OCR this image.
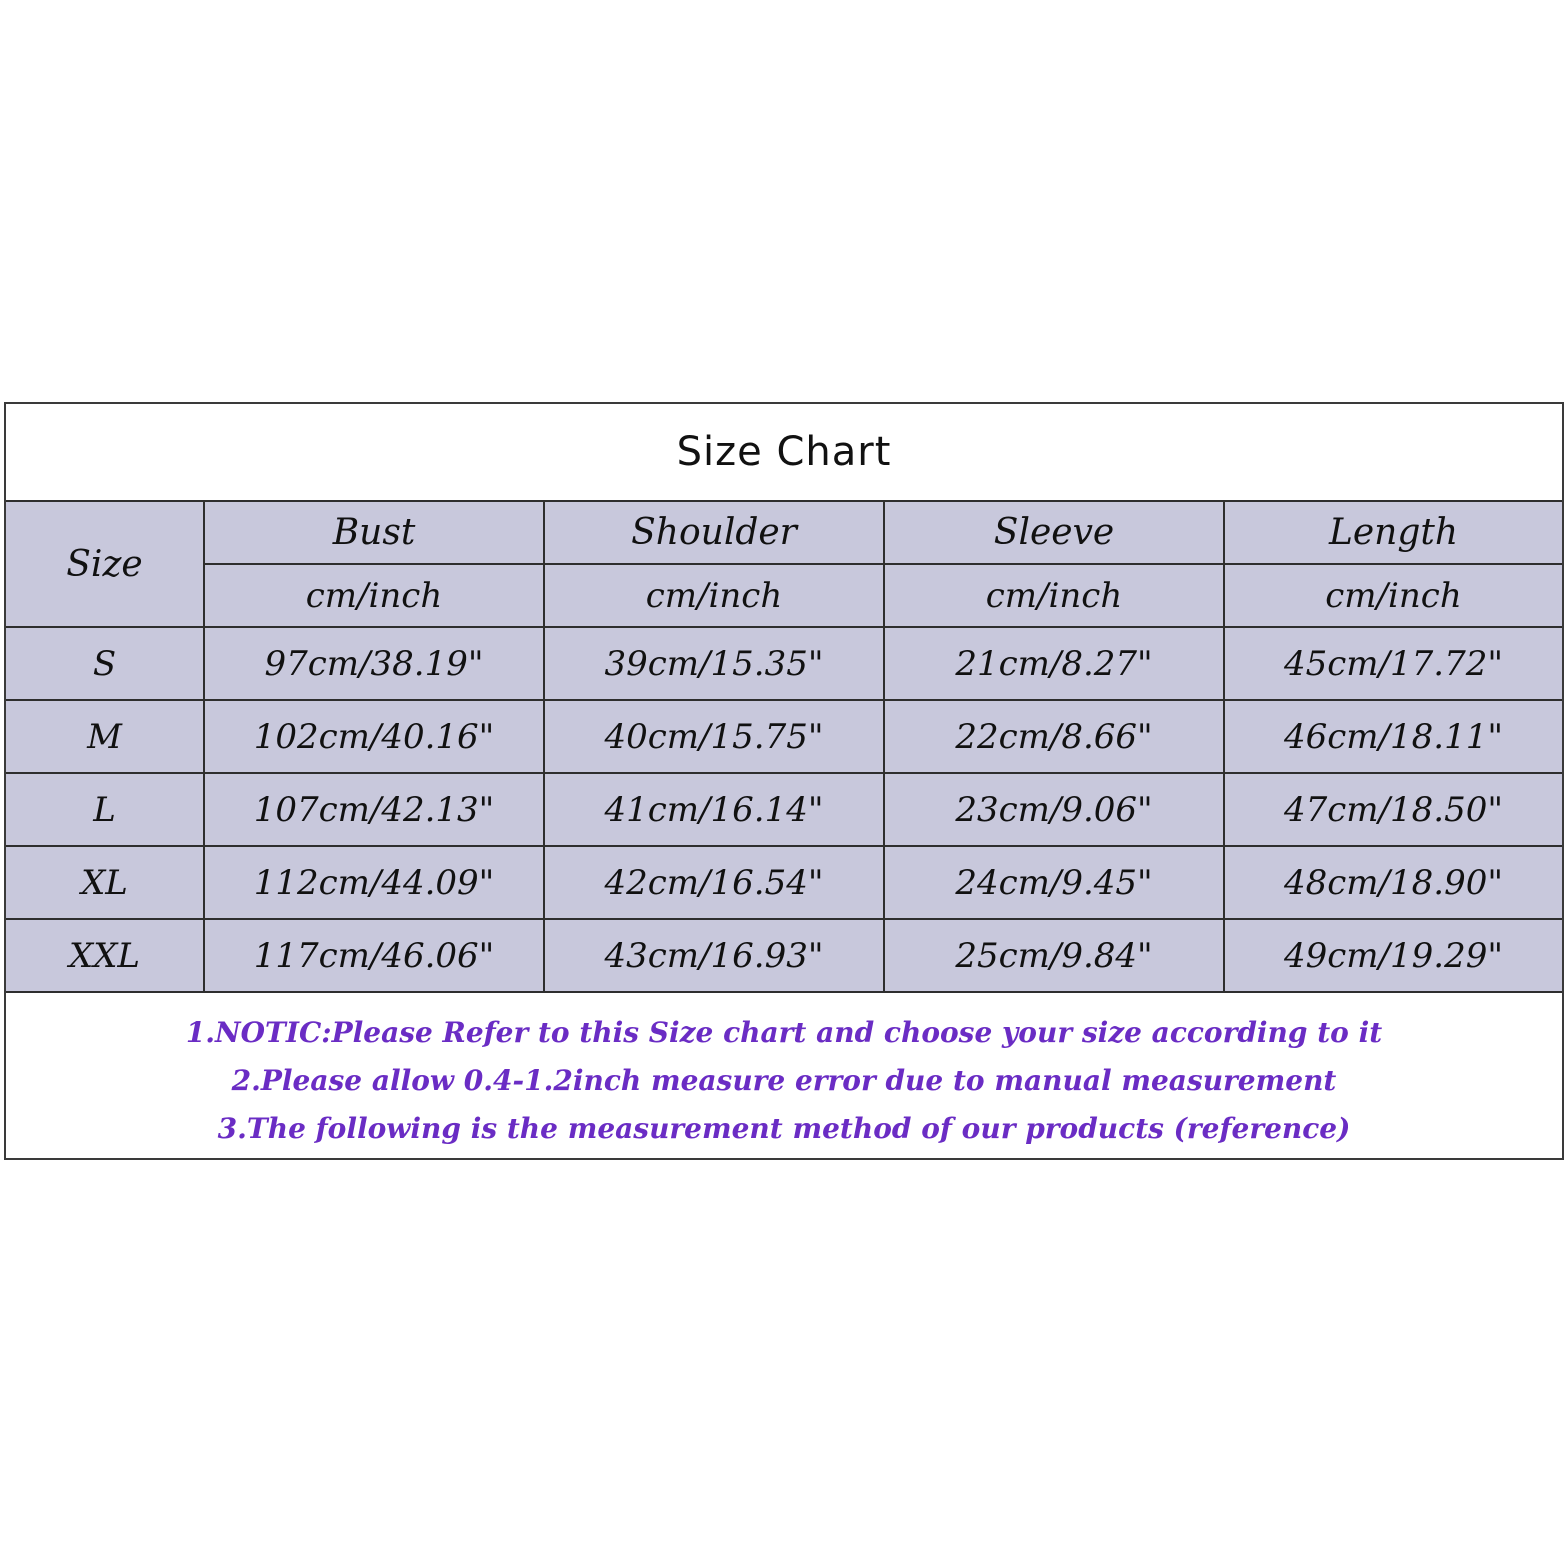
Size Chart
Size	Bust	Shoulder	Sleeve	Length
	cm/inch	cm/inch	cm/inch	cm/inch
S	97cm/38.19"	39cm/15.35"	21cm/8.27"	45cm/17.72"
M	102cm/40.16"	40cm/15.75"	22cm/8.66"	46cm/18.11"
L	107cm/42.13"	41cm/16.14"	23cm/9.06"	47cm/18.50"
XL	112cm/44.09"	42cm/16.54"	24cm/9.45"	48cm/18.90"
XXL	117cm/46.06"	43cm/16.93"	25cm/9.84"	49cm/19.29"
1.NOTIC:Please Refer to this Size chart and choose your size according to it
2.Please allow 0.4-1.2inch measure error due to manual measurement
3.The following is the measurement method of our products (reference)
